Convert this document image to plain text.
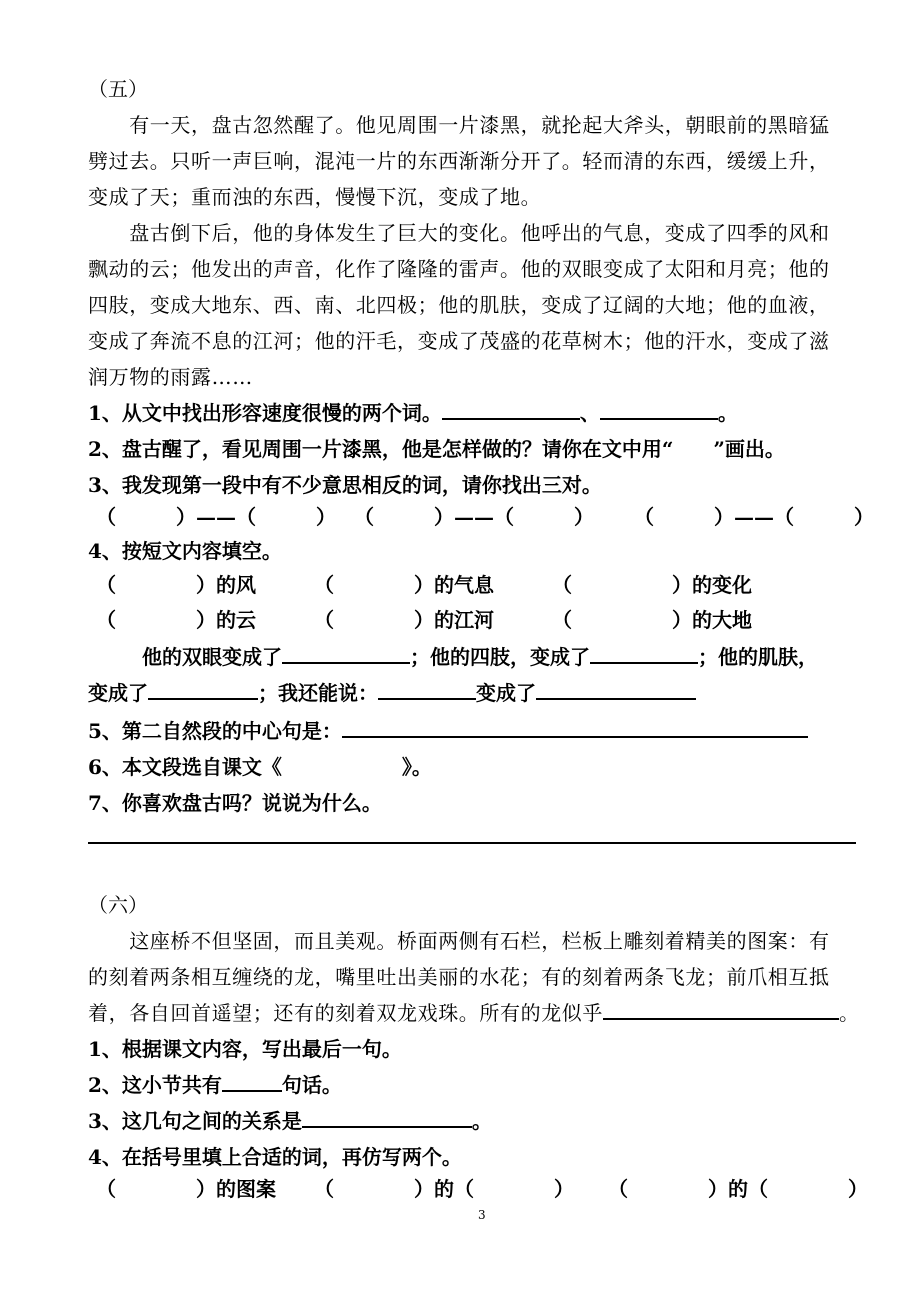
（五）
　　有一天，盘古忽然醒了。他见周围一片漆黑，就抡起大斧头，朝眼前的黑暗猛
劈过去。只听一声巨响，混沌一片的东西渐渐分开了。轻而清的东西，缓缓上升，
变成了天；重而浊的东西，慢慢下沉，变成了地。
　　盘古倒下后，他的身体发生了巨大的变化。他呼出的气息，变成了四季的风和
飘动的云；他发出的声音，化作了隆隆的雷声。他的双眼变成了太阳和月亮；他的
四肢，变成大地东、西、南、北四极；他的肌肤，变成了辽阔的大地；他的血液，
变成了奔流不息的江河；他的汗毛，变成了茂盛的花草树木；他的汗水，变成了滋
润万物的雨露……
1、从文中找出形容速度很慢的两个词。	、	。
2、盘古醒了，看见周围一片漆黑，他是怎样做的？请你在文中用“　　”画出。
3、我发现第一段中有不少意思相反的词，请你找出三对。
（　　　）——（　　　） （　　　）——（　　　） （　　　）——（　　　）
4、按短文内容填空。
（　　　　）的风	（　　　　）的气息	（　　　　　）的变化
（　　　　）的云	（　　　　）的江河	（　　　　　）的大地
他的双眼变成了	；他的四肢，变成了	；他的肌肤，
变成了	；我还能说：	变成了
5、第二自然段的中心句是：
6、本文段选自课文《　　　　　　》。
7、你喜欢盘古吗？说说为什么。
（六）
　　这座桥不但坚固，而且美观。桥面两侧有石栏，栏板上雕刻着精美的图案：有
的刻着两条相互缠绕的龙，嘴里吐出美丽的水花；有的刻着两条飞龙；前爪相互抵
着，各自回首遥望；还有的刻着双龙戏珠。所有的龙似乎	。
1、根据课文内容，写出最后一句。
2、这小节共有	句话。
3、这几句之间的关系是	。
4、在括号里填上合适的词，再仿写两个。
（　　　　）的图案 （　　　　）的（　　　　） （　　　　）的（　　　　）
3
